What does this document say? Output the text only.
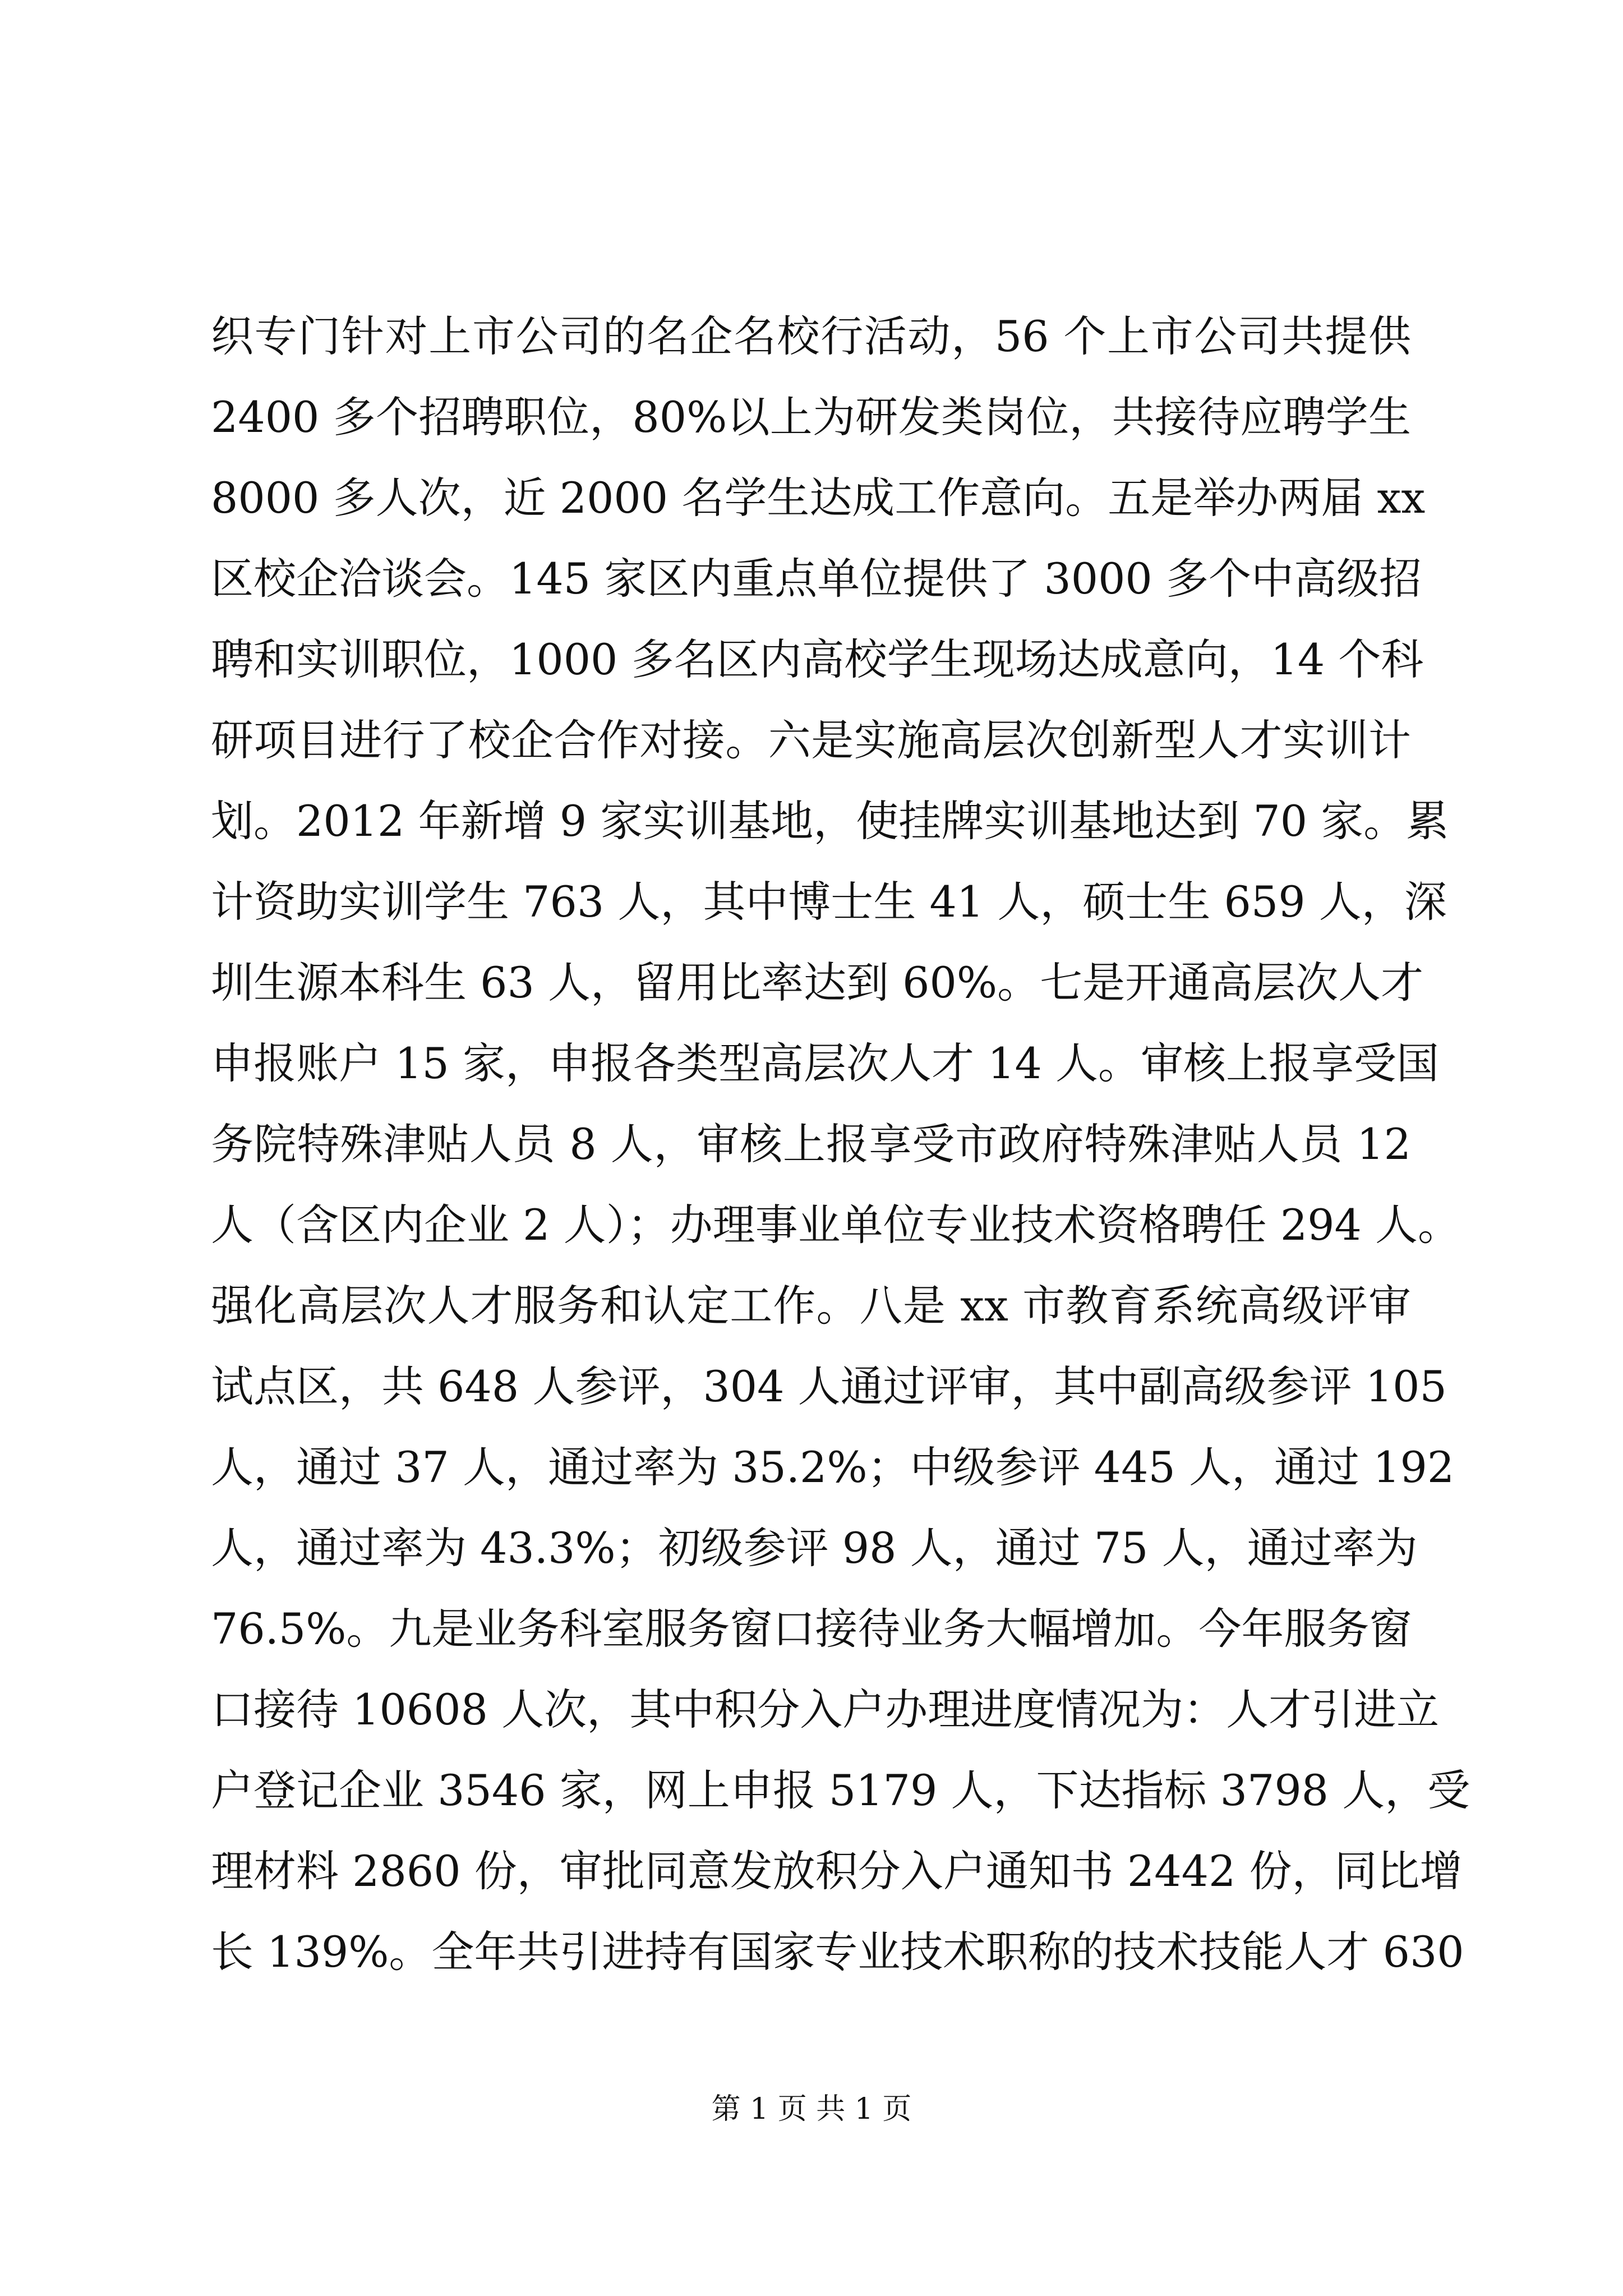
织专门针对上市公司的名企名校行活动，56 个上市公司共提供
2400 多个招聘职位，80%以上为研发类岗位，共接待应聘学生
8000 多人次，近 2000 名学生达成工作意向。五是举办两届 xx
区校企洽谈会。145 家区内重点单位提供了 3000 多个中高级招
聘和实训职位，1000 多名区内高校学生现场达成意向，14 个科
研项目进行了校企合作对接。六是实施高层次创新型人才实训计
划。2012 年新增 9 家实训基地，使挂牌实训基地达到 70 家。累
计资助实训学生 763 人，其中博士生 41 人，硕士生 659 人，深
圳生源本科生 63 人，留用比率达到 60%。七是开通高层次人才
申报账户 15 家，申报各类型高层次人才 14 人。审核上报享受国
务院特殊津贴人员 8 人，审核上报享受市政府特殊津贴人员 12
人（含区内企业 2 人）；办理事业单位专业技术资格聘任 294 人。
强化高层次人才服务和认定工作。八是 xx 市教育系统高级评审
试点区，共 648 人参评，304 人通过评审，其中副高级参评 105
人，通过 37 人，通过率为 35.2%；中级参评 445 人，通过 192
人，通过率为 43.3%；初级参评 98 人，通过 75 人，通过率为
76.5%。九是业务科室服务窗口接待业务大幅增加。今年服务窗
口接待 10608 人次，其中积分入户办理进度情况为：人才引进立
户登记企业 3546 家，网上申报 5179 人，下达指标 3798 人，受
理材料 2860 份，审批同意发放积分入户通知书 2442 份，同比增
长 139%。全年共引进持有国家专业技术职称的技术技能人才 630
第 1 页 共 1 页
